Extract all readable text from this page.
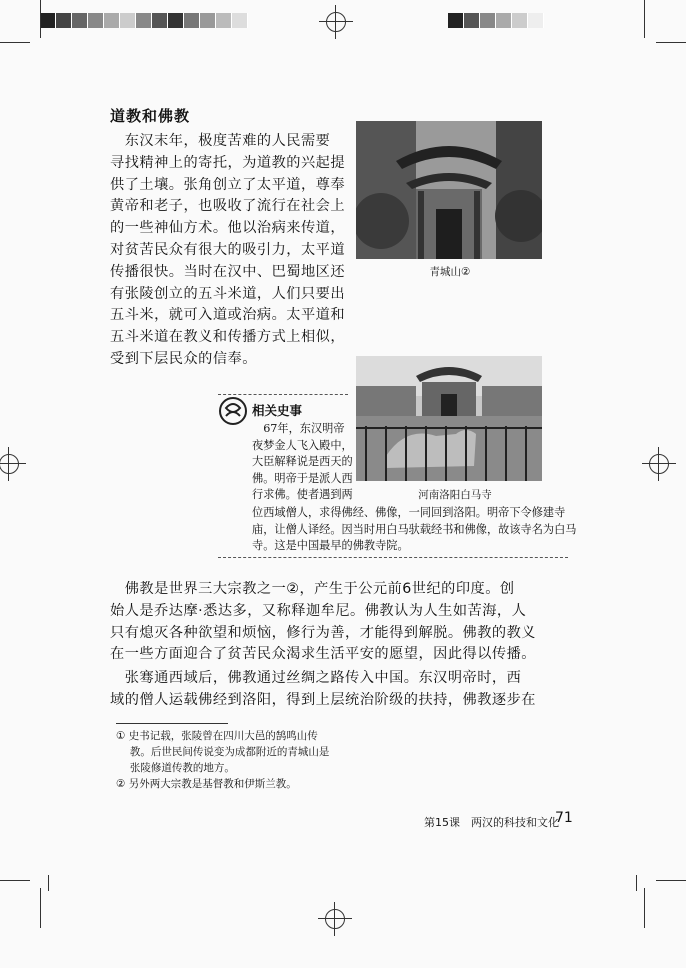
道教和佛教
　东汉末年，极度苦难的人民需要
寻找精神上的寄托，为道教的兴起提
供了土壤。张角创立了太平道，尊奉
黄帝和老子，也吸收了流行在社会上
的一些神仙方术。他以治病来传道，
对贫苦民众有很大的吸引力，太平道
传播很快。当时在汉中、巴蜀地区还
有张陵创立的五斗米道，人们只要出
五斗米，就可入道或治病。太平道和
五斗米道在教义和传播方式上相似，
受到下层民众的信奉。
青城山②
河南洛阳白马寺
相关史事
　67年，东汉明帝
夜梦金人飞入殿中，
大臣解释说是西天的
佛。明帝于是派人西
行求佛。使者遇到两
位西域僧人，求得佛经、佛像，一同回到洛阳。明帝下令修建寺
庙，让僧人译经。因当时用白马驮载经书和佛像，故该寺名为白马
寺。这是中国最早的佛教寺院。
　佛教是世界三大宗教之一②，产生于公元前6世纪的印度。创
始人是乔达摩·悉达多，又称释迦牟尼。佛教认为人生如苦海，人
只有熄灭各种欲望和烦恼，修行为善，才能得到解脱。佛教的教义
在一些方面迎合了贫苦民众渴求生活平安的愿望，因此得以传播。
　张骞通西域后，佛教通过丝绸之路传入中国。东汉明帝时，西
域的僧人运载佛经到洛阳，得到上层统治阶级的扶持，佛教逐步在
① 史书记载，张陵曾在四川大邑的鹄鸣山传
　 教。后世民间传说变为成都附近的青城山是
　 张陵修道传教的地方。
② 另外两大宗教是基督教和伊斯兰教。
第15课　两汉的科技和文化
71
